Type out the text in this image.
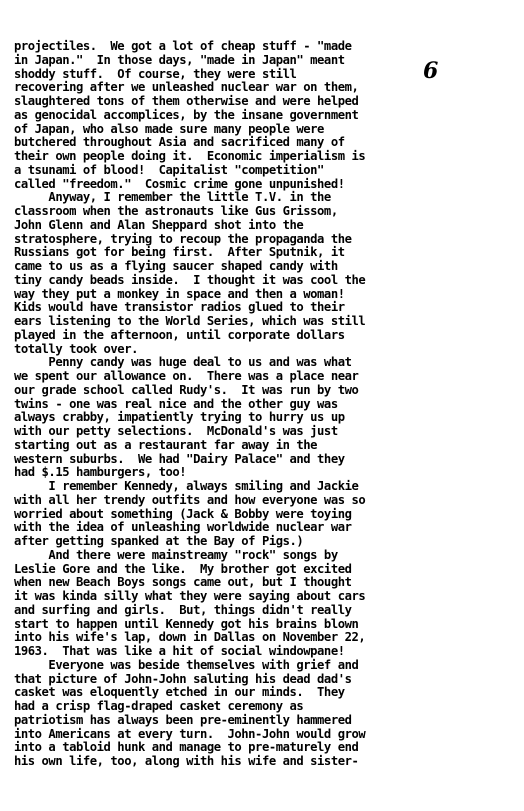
6
projectiles.  We got a lot of cheap stuff - "made
in Japan."  In those days, "made in Japan" meant
shoddy stuff.  Of course, they were still
recovering after we unleashed nuclear war on them,
slaughtered tons of them otherwise and were helped
as genocidal accomplices, by the insane government
of Japan, who also made sure many people were
butchered throughout Asia and sacrificed many of
their own people doing it.  Economic imperialism is
a tsunami of blood!  Capitalist "competition"
called "freedom."  Cosmic crime gone unpunished!
Anyway, I remember the little T.V. in the
classroom when the astronauts like Gus Grissom,
John Glenn and Alan Sheppard shot into the
stratosphere, trying to recoup the propaganda the
Russians got for being first.  After Sputnik, it
came to us as a flying saucer shaped candy with
tiny candy beads inside.  I thought it was cool the
way they put a monkey in space and then a woman!
Kids would have transistor radios glued to their
ears listening to the World Series, which was still
played in the afternoon, until corporate dollars
totally took over.
Penny candy was huge deal to us and was what
we spent our allowance on.  There was a place near
our grade school called Rudy's.  It was run by two
twins - one was real nice and the other guy was
always crabby, impatiently trying to hurry us up
with our petty selections.  McDonald's was just
starting out as a restaurant far away in the
western suburbs.  We had "Dairy Palace" and they
had $.15 hamburgers, too!
I remember Kennedy, always smiling and Jackie
with all her trendy outfits and how everyone was so
worried about something (Jack & Bobby were toying
with the idea of unleashing worldwide nuclear war
after getting spanked at the Bay of Pigs.)
And there were mainstreamy "rock" songs by
Leslie Gore and the like.  My brother got excited
when new Beach Boys songs came out, but I thought
it was kinda silly what they were saying about cars
and surfing and girls.  But, things didn't really
start to happen until Kennedy got his brains blown
into his wife's lap, down in Dallas on November 22,
1963.  That was like a hit of social windowpane!
Everyone was beside themselves with grief and
that picture of John-John saluting his dead dad's
casket was eloquently etched in our minds.  They
had a crisp flag-draped casket ceremony as
patriotism has always been pre-eminently hammered
into Americans at every turn.  John-John would grow
into a tabloid hunk and manage to pre-maturely end
his own life, too, along with his wife and sister-
